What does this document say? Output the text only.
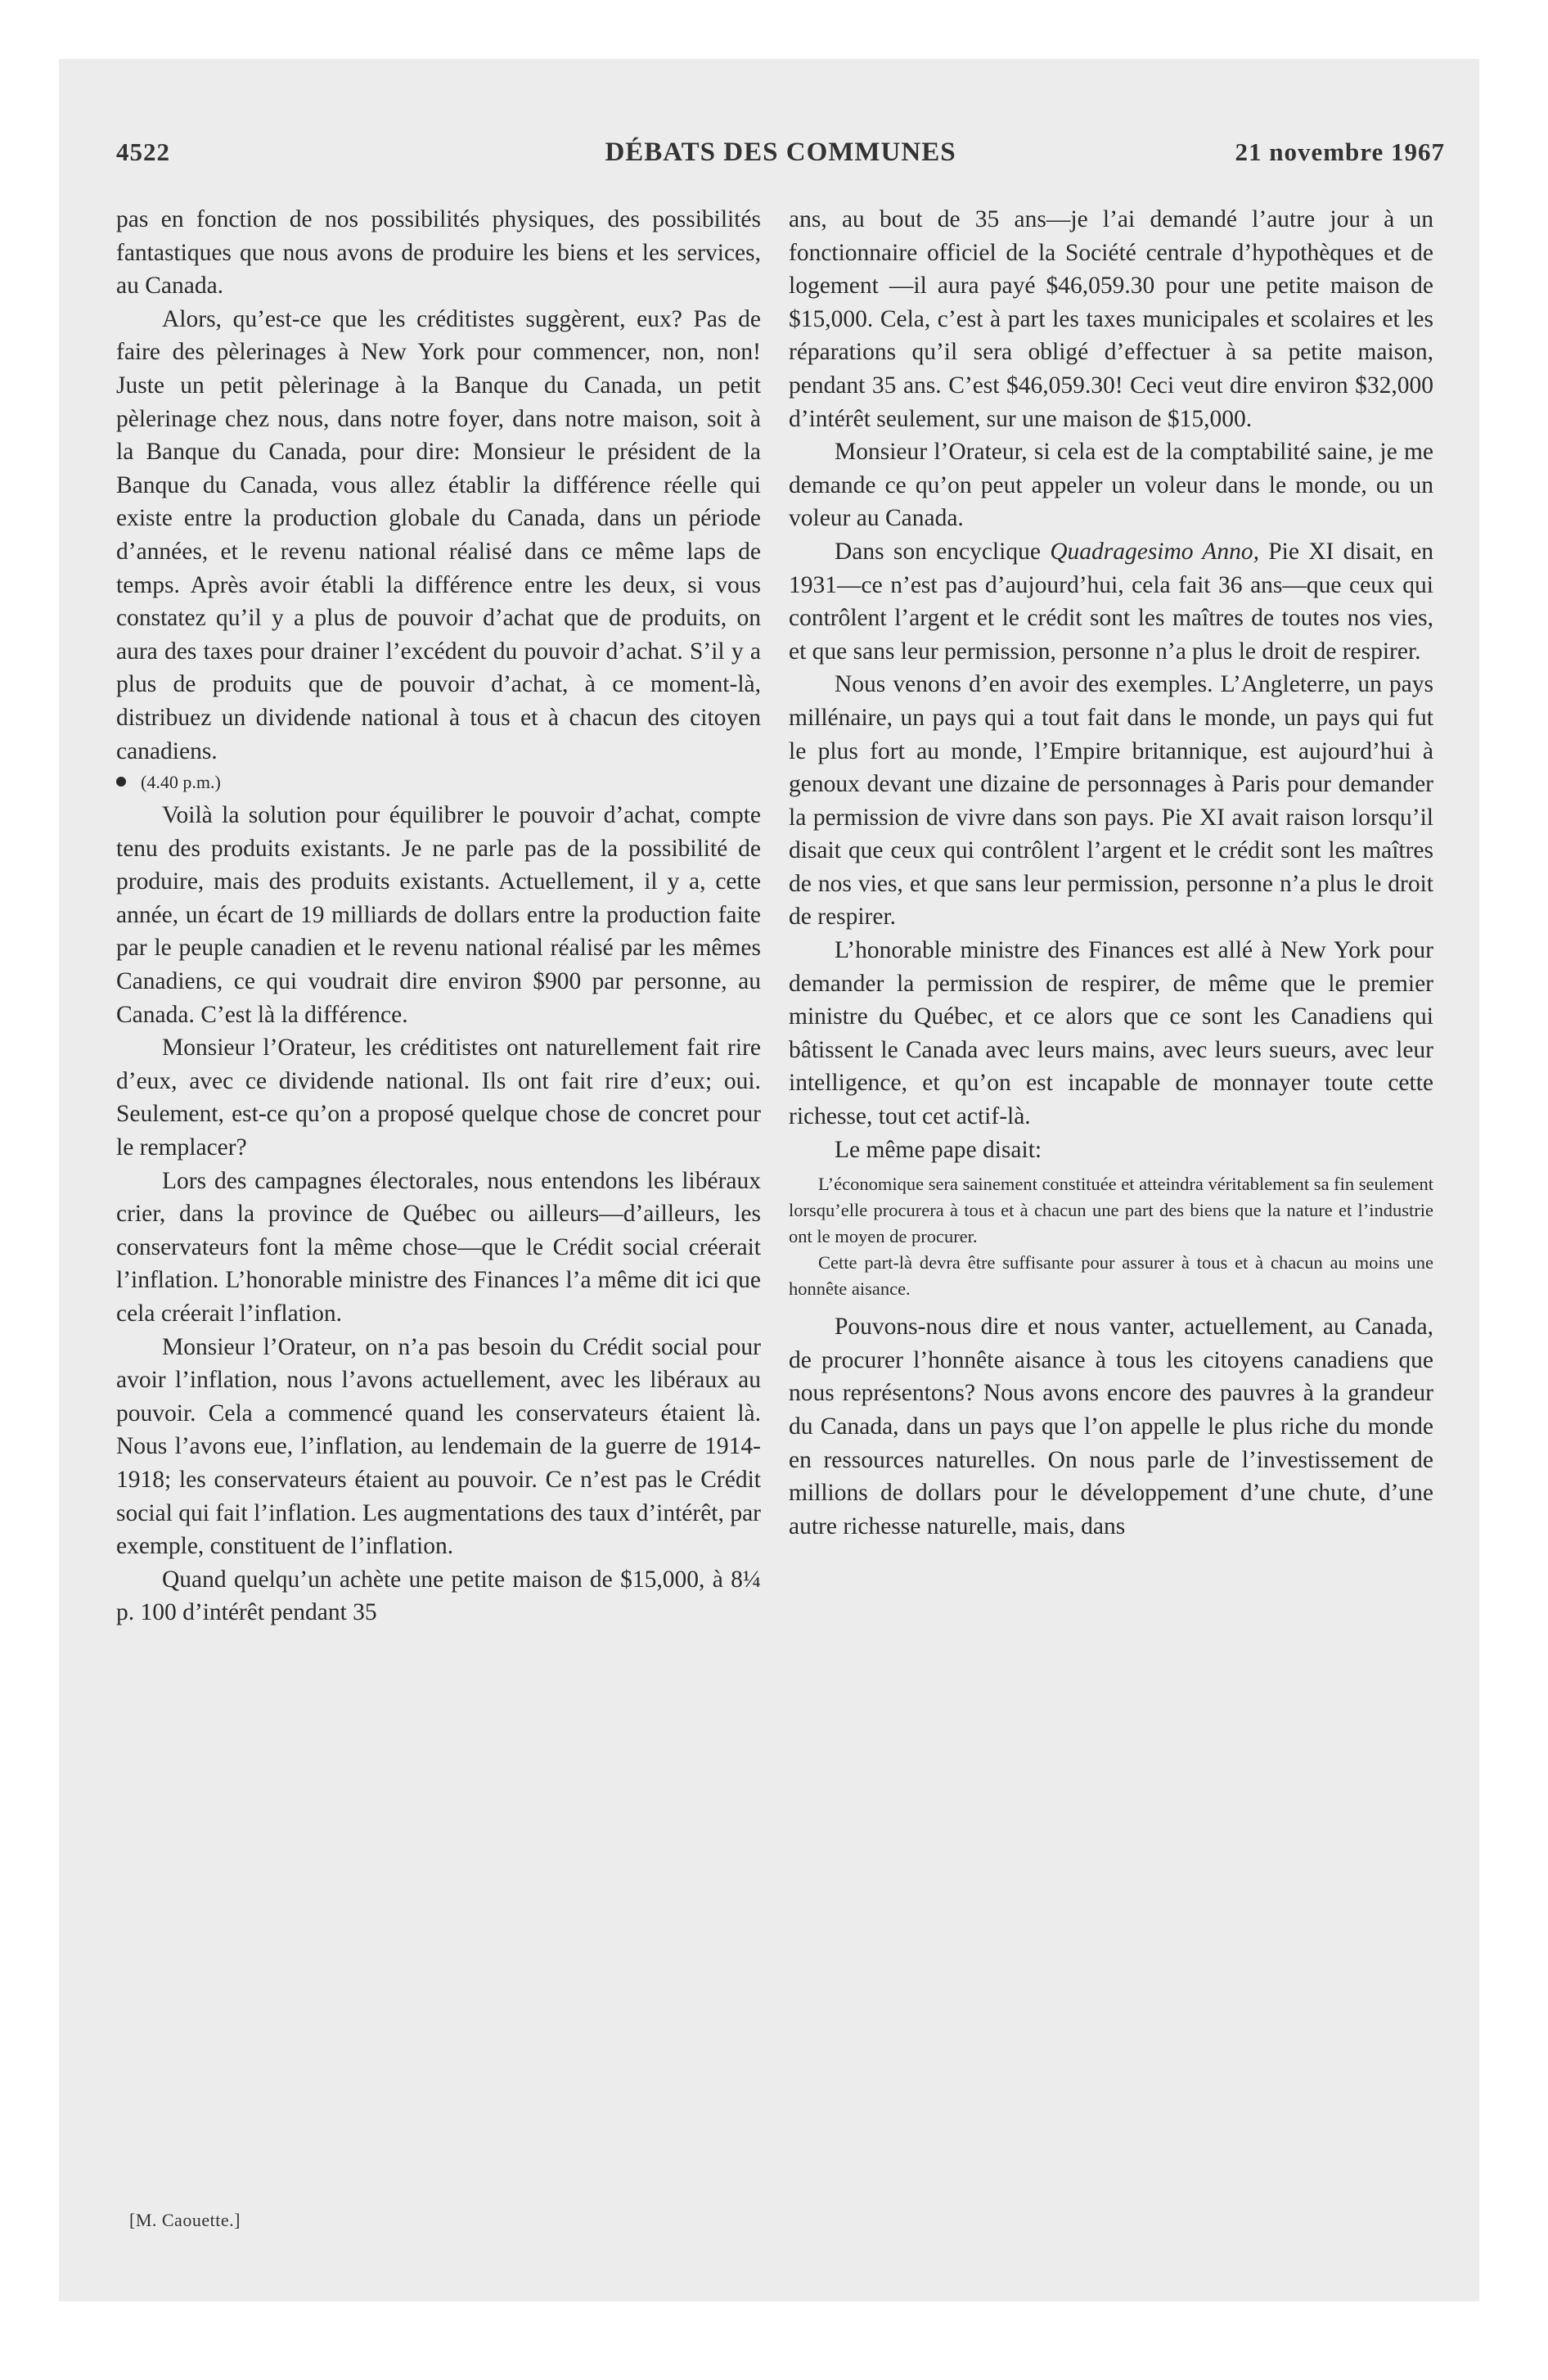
4522	DÉBATS DES COMMUNES	21 novembre 1967

pas en fonction de nos possibilités physiques, des possibilités fantastiques que nous avons de produire les biens et les services, au Canada.

Alors, qu’est-ce que les créditistes suggèrent, eux? Pas de faire des pèlerinages à New York pour commencer, non, non! Juste un petit pèlerinage à la Banque du Canada, un petit pèlerinage chez nous, dans notre foyer, dans notre maison, soit à la Banque du Canada, pour dire: Monsieur le président de la Banque du Canada, vous allez établir la différence réelle qui existe entre la production globale du Canada, dans un période d’années, et le revenu national réalisé dans ce même laps de temps. Après avoir établi la différence entre les deux, si vous constatez qu’il y a plus de pouvoir d’achat que de produits, on aura des taxes pour drainer l’excédent du pouvoir d’achat. S’il y a plus de produits que de pouvoir d’achat, à ce moment-là, distribuez un dividende national à tous et à chacun des citoyen canadiens.

(4.40 p.m.)

Voilà la solution pour équilibrer le pouvoir d’achat, compte tenu des produits existants. Je ne parle pas de la possibilité de produire, mais des produits existants. Actuellement, il y a, cette année, un écart de 19 milliards de dollars entre la production faite par le peuple canadien et le revenu national réalisé par les mêmes Canadiens, ce qui voudrait dire environ $900 par personne, au Canada. C’est là la différence.

Monsieur l’Orateur, les créditistes ont naturellement fait rire d’eux, avec ce dividende national. Ils ont fait rire d’eux; oui. Seulement, est-ce qu’on a proposé quelque chose de concret pour le remplacer?

Lors des campagnes électorales, nous entendons les libéraux crier, dans la province de Québec ou ailleurs—d’ailleurs, les conservateurs font la même chose—que le Crédit social créerait l’inflation. L’honorable ministre des Finances l’a même dit ici que cela créerait l’inflation.

Monsieur l’Orateur, on n’a pas besoin du Crédit social pour avoir l’inflation, nous l’avons actuellement, avec les libéraux au pouvoir. Cela a commencé quand les conservateurs étaient là. Nous l’avons eue, l’inflation, au lendemain de la guerre de 1914-1918; les conservateurs étaient au pouvoir. Ce n’est pas le Crédit social qui fait l’inflation. Les augmentations des taux d’intérêt, par exemple, constituent de l’inflation.

Quand quelqu’un achète une petite maison de $15,000, à 8¼ p. 100 d’intérêt pendant 35

ans, au bout de 35 ans—je l’ai demandé l’autre jour à un fonctionnaire officiel de la Société centrale d’hypothèques et de logement —il aura payé $46,059.30 pour une petite maison de $15,000. Cela, c’est à part les taxes municipales et scolaires et les réparations qu’il sera obligé d’effectuer à sa petite maison, pendant 35 ans. C’est $46,059.30! Ceci veut dire environ $32,000 d’intérêt seulement, sur une maison de $15,000.

Monsieur l’Orateur, si cela est de la comptabilité saine, je me demande ce qu’on peut appeler un voleur dans le monde, ou un voleur au Canada.

Dans son encyclique Quadragesimo Anno, Pie XI disait, en 1931—ce n’est pas d’aujourd’hui, cela fait 36 ans—que ceux qui contrôlent l’argent et le crédit sont les maîtres de toutes nos vies, et que sans leur permission, personne n’a plus le droit de respirer.

Nous venons d’en avoir des exemples. L’Angleterre, un pays millénaire, un pays qui a tout fait dans le monde, un pays qui fut le plus fort au monde, l’Empire britannique, est aujourd’hui à genoux devant une dizaine de personnages à Paris pour demander la permission de vivre dans son pays. Pie XI avait raison lorsqu’il disait que ceux qui contrôlent l’argent et le crédit sont les maîtres de nos vies, et que sans leur permission, personne n’a plus le droit de respirer.

L’honorable ministre des Finances est allé à New York pour demander la permission de respirer, de même que le premier ministre du Québec, et ce alors que ce sont les Canadiens qui bâtissent le Canada avec leurs mains, avec leurs sueurs, avec leur intelligence, et qu’on est incapable de monnayer toute cette richesse, tout cet actif-là.

Le même pape disait:

L’économique sera sainement constituée et atteindra véritablement sa fin seulement lorsqu’elle procurera à tous et à chacun une part des biens que la nature et l’industrie ont le moyen de procurer.

Cette part-là devra être suffisante pour assurer à tous et à chacun au moins une honnête aisance.

Pouvons-nous dire et nous vanter, actuellement, au Canada, de procurer l’honnête aisance à tous les citoyens canadiens que nous représentons? Nous avons encore des pauvres à la grandeur du Canada, dans un pays que l’on appelle le plus riche du monde en ressources naturelles. On nous parle de l’investissement de millions de dollars pour le développement d’une chute, d’une autre richesse naturelle, mais, dans

[M. Caouette.]
